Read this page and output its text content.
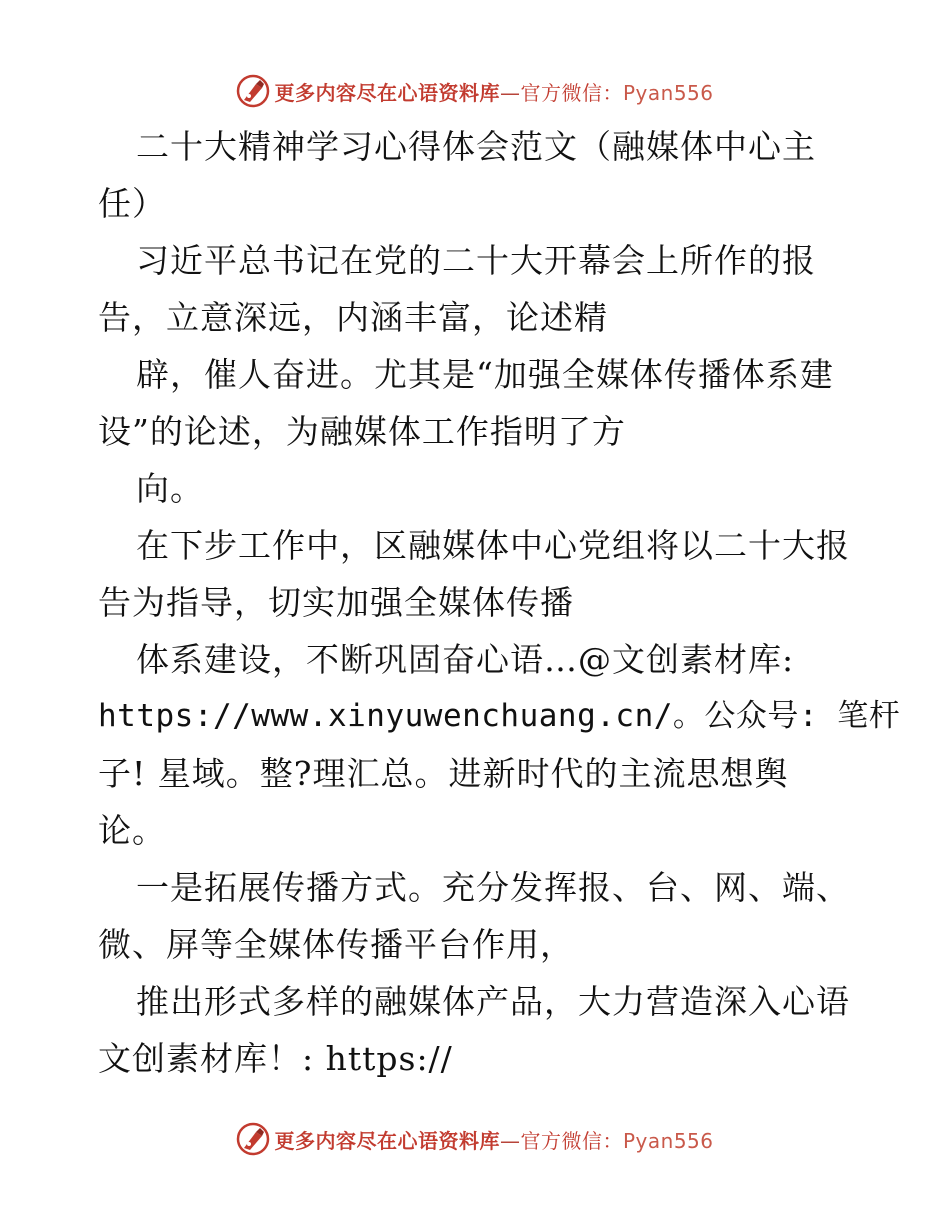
更多内容尽在心语资料库—官方微信：Pyan556
二十大精神学习心得体会范文（融媒体中心主
任）
习近平总书记在党的二十大开幕会上所作的报
告，立意深远，内涵丰富，论述精
辟，催人奋进。尤其是“加强全媒体传播体系建
设”的论述，为融媒体工作指明了方
向。
在下步工作中，区融媒体中心党组将以二十大报
告为指导，切实加强全媒体传播
体系建设，不断巩固奋心语…@文创素材库:
https://www.xinyuwenchuang.cn/。公众号: 笔杆
子! 星域。整?理汇总。进新时代的主流思想舆
论。
一是拓展传播方式。充分发挥报、台、网、端、
微、屏等全媒体传播平台作用，
推出形式多样的融媒体产品，大力营造深入心语
文创素材库！: https://
更多内容尽在心语资料库—官方微信：Pyan556
